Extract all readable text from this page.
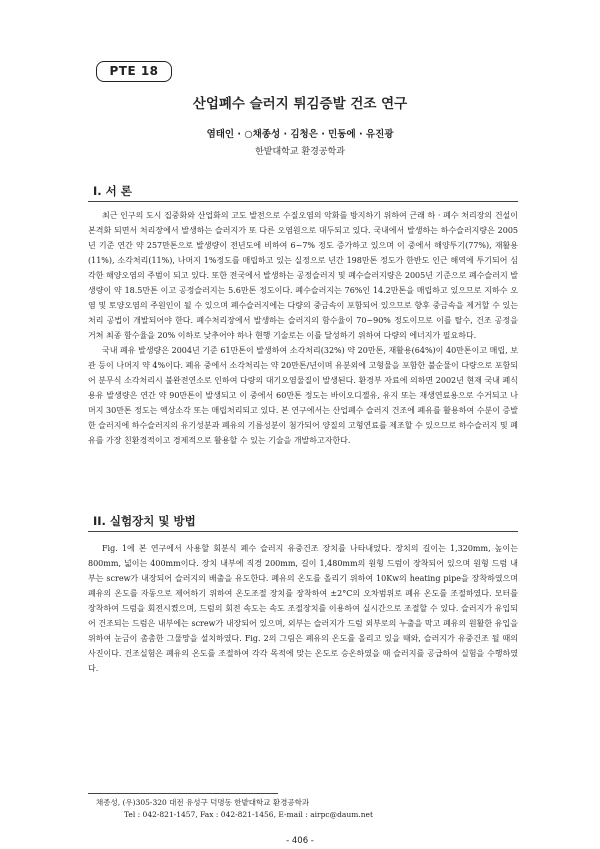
PTE 18
산업폐수 슬러지 튀김증발 건조 연구
염태인 · ○채종성 · 김청은 · 민동에 · 유진광
한밭대학교 환경공학과
I. 서 론

최근 인구의 도시 집중화와 산업화의 고도 발전으로 수질오염의 악화를 방지하기 위하여 근래 하 · 폐수 처리장의 건설이 본격화 되면서 처리장에서 발생하는 슬러지가 또 다른 오염원으로 대두되고 있다. 국내에서 발생하는 하수슬러지량은 2005년 기준 연간 약 257만톤으로 발생량이 전년도에 비하여 6~7% 정도 증가하고 있으며 이 중에서 해양투기(77%), 재활용(11%), 소각처리(11%), 나머지 1%정도를 매립하고 있는 실정으로 년간 198만톤 정도가 한반도 인근 해역에 투기되어 심각한 해양오염의 주범이 되고 있다. 또한 전국에서 발생하는 공정슬러지 및 폐수슬러지량은 2005년 기준으로 폐수슬러지 발생량이 약 18.5만톤 이고 공정슬러지는 5.6만톤 정도이다. 폐수슬러지는 76%인 14.2만톤을 매립하고 있으므로 지하수 오염 및 토양오염의 주원인이 될 수 있으며 폐수슬러지에는 다량의 중금속이 포함되어 있으므로 향후 중금속을 제거할 수 있는 처리 공법이 개발되어야 한다. 폐수처리장에서 발생하는 슬러지의 함수율이 70~90% 정도이므로 이를 탈수, 건조 공정을 거쳐 최종 함수율을 20% 이하로 낮추어야 하나 현행 기술로는 이를 달성하기 위하여 다량의 에너지가 필요하다.

국내 폐유 발생량은 2004년 기준 61만톤이 발생하여 소각처리(32%) 약 20만톤, 재활용(64%)이 40만톤이고 매립, 보관 등이 나머지 약 4%이다. 폐유 중에서 소각처리는 약 20만톤/년이며 유분외에 고형물을 포함한 불순물이 다량으로 포함되어 분무식 소각처리시 불완전연소로 인하여 다량의 대기오염물질이 발생된다. 환경부 자료에 의하면 2002년 현재 국내 폐식용유 발생량은 연간 약 90만톤이 발생되고 이 중에서 60만톤 정도는 바이오디젤유, 유지 또는 재생연료용으로 수거되고 나머지 30만톤 정도는 액상소각 또는 매립처리되고 있다. 본 연구에서는 산업폐수 슬러지 건조에 폐유를 활용하여 수분이 증발한 슬러지에 하수슬러지의 유기성분과 폐유의 기름성분이 첨가되어 양질의 고형연료를 제조할 수 있으므로 하수슬러지 및 폐유를 가장 친환경적이고 경제적으로 활용할 수 있는 기술을 개발하고자한다.

II. 실험장치 및 방법

Fig. 1에 본 연구에서 사용할 회분식 폐수 슬러지 유중건조 장치를 나타내었다. 장치의 길이는 1,320mm, 높이는 800mm, 넓이는 400mm이다. 장치 내부에 직경 200mm, 길이 1,480mm의 원형 드럼이 장착되어 있으며 원형 드럼 내부는 screw가 내장되어 슬러지의 배출을 유도한다. 폐유의 온도를 올리기 위하여 10Kw의 heating pipe을 장착하였으며 폐유의 온도를 자동으로 제어하기 위하여 온도조절 장치를 장착하여 ±2°C의 오차범위로 폐유 온도를 조절하였다. 모터를 장착하여 드럼을 회전시켰으며, 드럼의 회전 속도는 속도 조절장치를 이용하여 실시간으로 조절할 수 있다. 슬러지가 유입되어 건조되는 드럼은 내부에는 screw가 내장되어 있으며, 외부는 슬러지가 드럼 외부로의 누출을 막고 폐유의 원활한 유입을 위하여 눈금이 촘촘한 그물망을 설치하였다. Fig. 2의 그림은 폐유의 온도를 올리고 있을 때와, 슬러지가 유중건조 될 때의 사진이다. 건조실험은 폐유의 온도를 조절하여 각각 목적에 맞는 온도로 승온하였을 때 슬러지를 공급하여 실험을 수행하였다.

채종성, (우)305-320 대전 유성구 덕명동 한밭대학교 환경공학과
Tel : 042-821-1457, Fax : 042-821-1456, E-mail : airpc@daum.net
- 406 -
